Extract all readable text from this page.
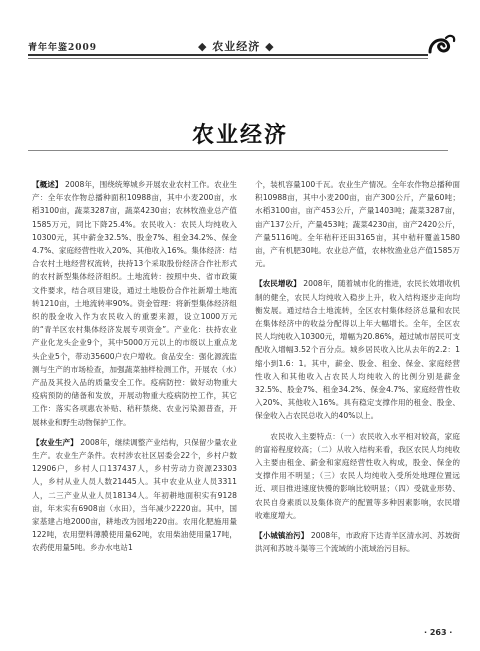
青年年鉴2009	◆ 农业经济 ◆
农业经济

【概述】 2008年，围绕统筹城乡开展农业农村工作。农业生产：全年农作物总播种面积10988亩，其中小麦200亩，水稻3100亩，蔬菜3287亩，蔬菜4230亩；农林牧渔业总产值1585万元，同比下降25.4%。农民收入：农民人均纯收入10300元，其中薪金32.5%、股金7%、租金34.2%、保金4.7%、家庭经营性收入20%、其他收入16%。集体经济：结合农村土地经营权流转，抉持13个采取股份经济合作社形式的农村新型集体经济组织。土地流转：按照中央、省市政策文件要求，结合项目建设，通过土地股份合作社新增土地流转1210亩，土地流转率90%。资金管理：将新型集体经济组织的股金收入作为农民收入的重要来源，设立1000万元的“青羊区农村集体经济发展专项资金”。产业化：扶持农业产业化龙头企业9个，其中5000万元以上的市级以上重点龙头企业5个，带动35600户农户增收。食品安全：强化源流监测与生产的市场检查，加强蔬菜抽样检测工作，开展农（水）产品及其投入品的质量安全工作。疫病防控：做好动物重大疫病预防的储备和发放，开展动物重大疫病防控工作，其它工作：落实各项惠农补贴、秸秆禁烧、农业污染源普查，开展林业和野生动物保护工作。

【农业生产】 2008年，继续调整产业结构，只保留少量农业生产。农业生产条件。农村涉农社区居委会22个，乡村户数12906户，乡村人口137437人，乡村劳动力资源23303人，乡村从业人员人数21445人。其中农业从业人员3311人，二三产业从业人员18134人。年初耕地面积实有9128亩，年末实有6908亩（水田），当年减少2220亩。其中，国家基建占地2000亩，耕地改为园地220亩。农用化肥施用量122吨，农用塑料薄膜使用量62吨，农用柴油使用量17吨，农药使用量5吨。乡办水电站1

个，装机容量100千瓦。农业生产情况。全年农作物总播种面积10988亩，其中小麦200亩，亩产300公斤，产量60吨；水稻3100亩，亩产453公斤，产量1403吨；蔬菜3287亩，亩产137公斤，产量453吨；蔬菜4230亩，亩产2420公斤，产量5116吨。全年秸秆还田3165亩，其中秸秆覆盖1580亩，产有机肥30吨。农业总产值，农林牧渔业总产值1585万元。

【农民增收】 2008年，随着城市化的推进，农民长效增收机制的健全，农民人均纯收入稳步上升，收入结构逐步走向均衡发展。通过结合土地流转，全区农村集体经济总量和农民在集体经济中的收益分配得以上年大幅增长。全年，全区农民人均纯收入10300元，增幅为20.86%，超过城市居民可支配收入增幅3.52个百分点。城乡居民收入比从去年的2.2：1缩小到1.6：1。其中，薪金、股金、租金、保金、家庭经营性收入和其他收入占农民人均纯收入的比例分别是薪金32.5%、股金7%、租金34.2%、保金4.7%、家庭经营性收入20%、其他收入16%。具有稳定支撑作用的租金、股金、保金收入占农民总收入的40%以上。

农民收入主要特点：（一）农民收入水平相对较高，家庭的富裕程度较高；（二）从收入结构来看，我区农民人均纯收入主要由租金、薪金和家庭经营性收入构成，股金、保金的支撑作用不明显；（三）农民人均纯收入受所处地理位置远近、项目推进速度快慢的影响比较明显；（四）受就业形势、农民自身素质以及集体资产的配置等多种因素影响，农民增收难度增大。

【小城镇治污】 2008年，市政府下达青羊区清水河、苏坡街洪河和苏坡斗渠等三个流域的小流域治污目标。

· 263 ·
